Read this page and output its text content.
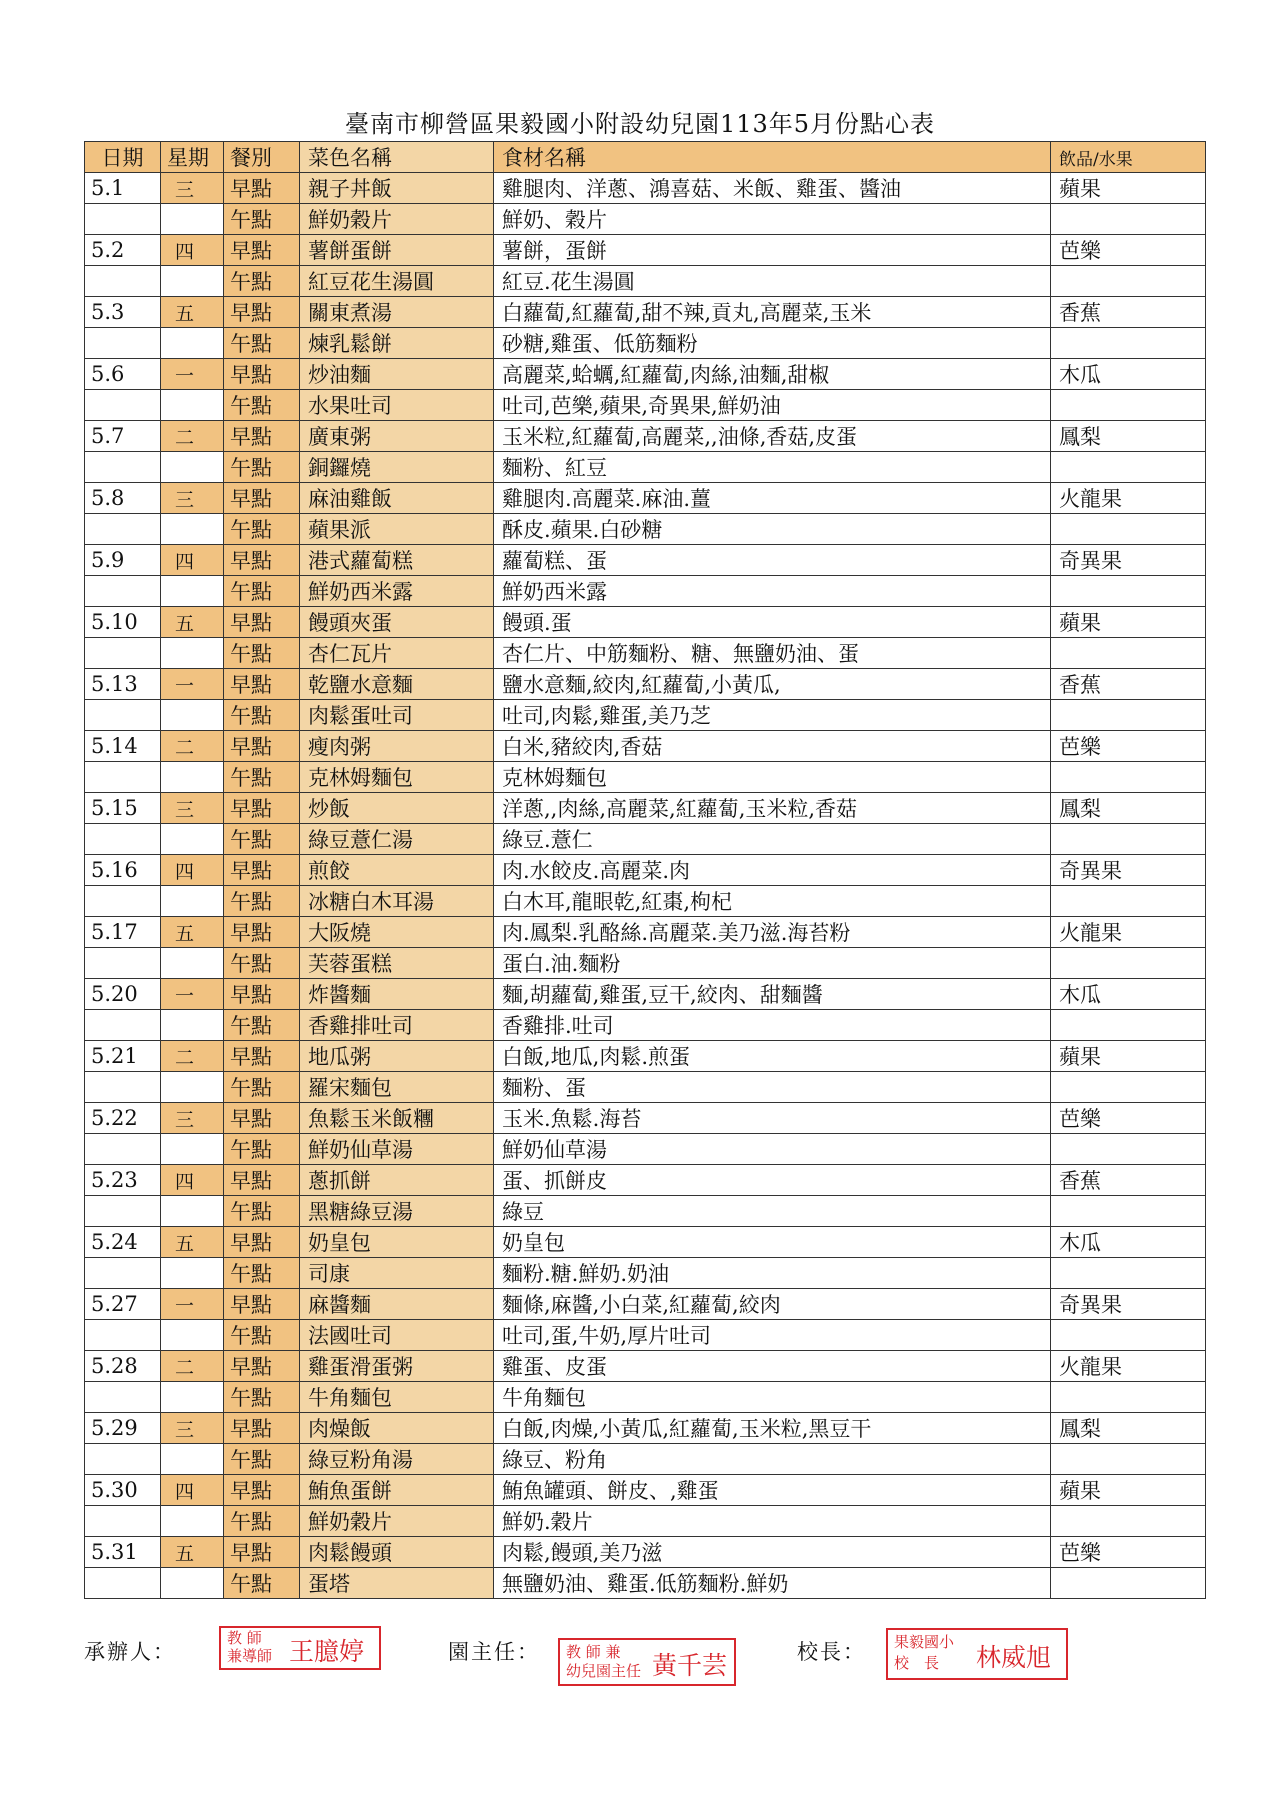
臺南市柳營區果毅國小附設幼兒園113年5月份點心表
日期	星期	餐別	菜色名稱	食材名稱	飲品/水果
5.1	三	早點	親子丼飯	雞腿肉、洋蔥、鴻喜菇、米飯、雞蛋、醬油	蘋果
		午點	鮮奶穀片	鮮奶、穀片	
5.2	四	早點	薯餅蛋餅	薯餅，蛋餅	芭樂
		午點	紅豆花生湯圓	紅豆.花生湯圓	
5.3	五	早點	關東煮湯	白蘿蔔,紅蘿蔔,甜不辣,貢丸,高麗菜,玉米	香蕉
		午點	煉乳鬆餅	砂糖,雞蛋、低筋麵粉	
5.6	一	早點	炒油麵	高麗菜,蛤蠣,紅蘿蔔,肉絲,油麵,甜椒	木瓜
		午點	水果吐司	吐司,芭樂,蘋果,奇異果,鮮奶油	
5.7	二	早點	廣東粥	玉米粒,紅蘿蔔,高麗菜,,油條,香菇,皮蛋	鳳梨
		午點	銅鑼燒	麵粉、紅豆	
5.8	三	早點	麻油雞飯	雞腿肉.高麗菜.麻油.薑	火龍果
		午點	蘋果派	酥皮.蘋果.白砂糖	
5.9	四	早點	港式蘿蔔糕	蘿蔔糕、蛋	奇異果
		午點	鮮奶西米露	鮮奶西米露	
5.10	五	早點	饅頭夾蛋	饅頭.蛋	蘋果
		午點	杏仁瓦片	杏仁片、中筋麵粉、糖、無鹽奶油、蛋	
5.13	一	早點	乾鹽水意麵	鹽水意麵,絞肉,紅蘿蔔,小黃瓜,	香蕉
		午點	肉鬆蛋吐司	吐司,肉鬆,雞蛋,美乃芝	
5.14	二	早點	瘦肉粥	白米,豬絞肉,香菇	芭樂
		午點	克林姆麵包	克林姆麵包	
5.15	三	早點	炒飯	洋蔥,,肉絲,高麗菜,紅蘿蔔,玉米粒,香菇	鳳梨
		午點	綠豆薏仁湯	綠豆.薏仁	
5.16	四	早點	煎餃	肉.水餃皮.高麗菜.肉	奇異果
		午點	冰糖白木耳湯	白木耳,龍眼乾,紅棗,枸杞	
5.17	五	早點	大阪燒	肉.鳳梨.乳酪絲.高麗菜.美乃滋.海苔粉	火龍果
		午點	芙蓉蛋糕	蛋白.油.麵粉	
5.20	一	早點	炸醬麵	麵,胡蘿蔔,雞蛋,豆干,絞肉、甜麵醬	木瓜
		午點	香雞排吐司	香雞排.吐司	
5.21	二	早點	地瓜粥	白飯,地瓜,肉鬆.煎蛋	蘋果
		午點	羅宋麵包	麵粉、蛋	
5.22	三	早點	魚鬆玉米飯糰	玉米.魚鬆.海苔	芭樂
		午點	鮮奶仙草湯	鮮奶仙草湯	
5.23	四	早點	蔥抓餅	蛋、抓餅皮	香蕉
		午點	黑糖綠豆湯	綠豆	
5.24	五	早點	奶皇包	奶皇包	木瓜
		午點	司康	麵粉.糖.鮮奶.奶油	
5.27	一	早點	麻醬麵	麵條,麻醬,小白菜,紅蘿蔔,絞肉	奇異果
		午點	法國吐司	吐司,蛋,牛奶,厚片吐司	
5.28	二	早點	雞蛋滑蛋粥	雞蛋、皮蛋	火龍果
		午點	牛角麵包	牛角麵包	
5.29	三	早點	肉燥飯	白飯,肉燥,小黃瓜,紅蘿蔔,玉米粒,黑豆干	鳳梨
		午點	綠豆粉角湯	綠豆、粉角	
5.30	四	早點	鮪魚蛋餅	鮪魚罐頭、餅皮、,雞蛋	蘋果
		午點	鮮奶穀片	鮮奶.穀片	
5.31	五	早點	肉鬆饅頭	肉鬆,饅頭,美乃滋	芭樂
		午點	蛋塔	無鹽奶油、雞蛋.低筋麵粉.鮮奶	
承辦人：
教 師
兼導師 王臆婷	園主任： 教 師 兼
幼兒園主任 黃千芸	校長： 果毅國小
校　長 林威旭
